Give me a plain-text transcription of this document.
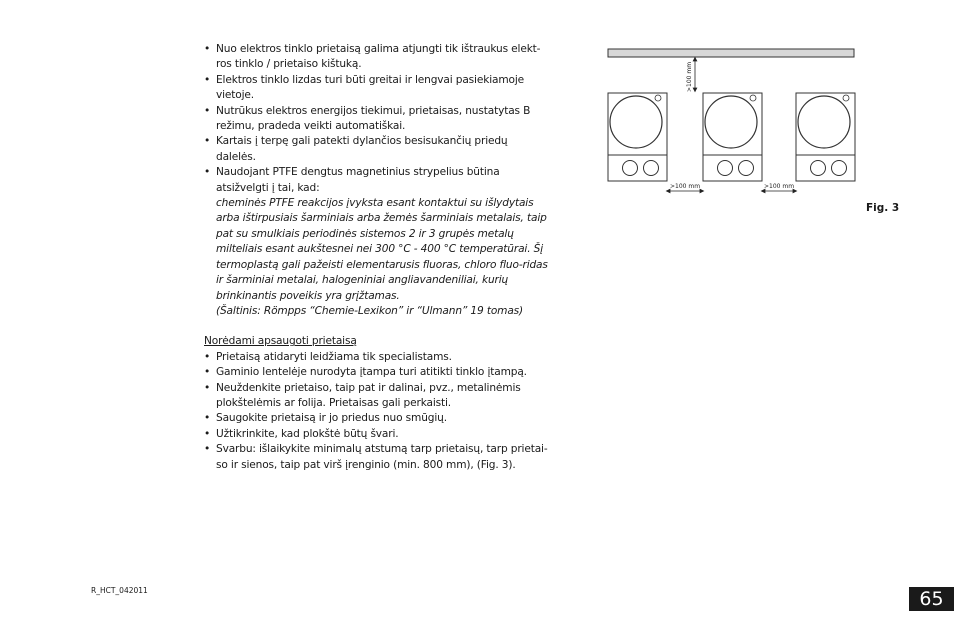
• Nuo elektros tinklo prietaisą galima atjungti tik ištraukus elekt-ros tinklo / prietaiso kištuką.
• Elektros tinklo lizdas turi būti greitai ir lengvai pasiekiamoje vietoje.
• Nutrūkus elektros energijos tiekimui, prietaisas, nustatytas B režimu, pradeda veikti automatiškai.
• Kartais į terpę gali patekti dylančios besisukančių priedų dalelės.
• Naudojant PTFE dengtus magnetinius strypelius būtina atsižvelgti į tai, kad:
cheminės PTFE reakcijos įvyksta esant kontaktui su išlydytais arba ištirpusiais šarminiais arba žemės šarminiais metalais, taip pat su smulkiais periodinės sistemos 2 ir 3 grupės metalų milteliais esant aukštesnei nei 300 °C - 400 °C temperatūrai. Šį termoplastą gali pažeisti elementarusis fluoras, chloro fluo-ridas ir šarminiai metalai, halogeniniai angliavandeniliai, kurių brinkinantis poveikis yra grįžtamas.
(Šaltinis: Römpps “Chemie-Lexikon” ir “Ulmann” 19 tomas)
Norėdami apsaugoti prietaisą
• Prietaisą atidaryti leidžiama tik specialistams.
• Gaminio lentelėje nurodyta įtampa turi atitikti tinklo įtampą.
• Neuždenkite prietaiso, taip pat ir dalinai, pvz., metalinėmis plokštelėmis ar folija. Prietaisas gali perkaisti.
• Saugokite prietaisą ir jo priedus nuo smūgių.
• Užtikrinkite, kad plokštė būtų švari.
• Svarbu: išlaikykite minimalų atstumą tarp prietaisų, tarp prietai-so ir sienos, taip pat virš įrenginio (min. 800 mm), (Fig. 3).
>100 mm
>100 mm	>100 mm
Fig. 3
R_HCT_042011	65
